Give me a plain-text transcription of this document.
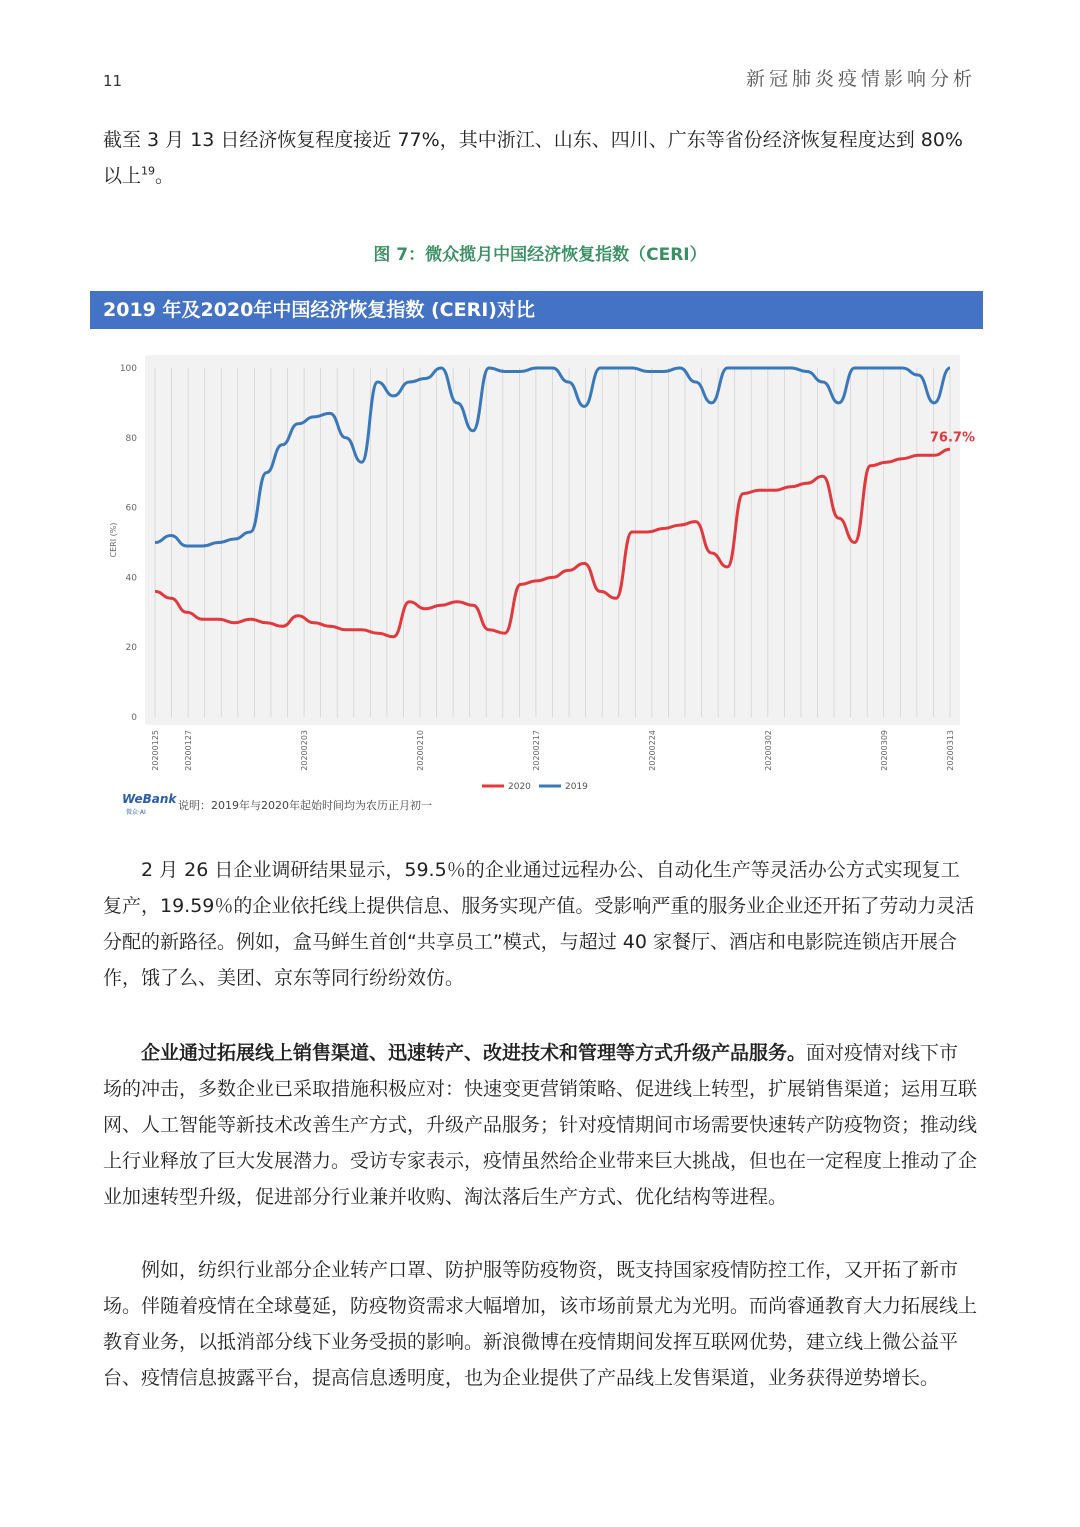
11	新冠肺炎疫情影响分析

截至 3 月 13 日经济恢复程度接近 77%，其中浙江、山东、四川、广东等省份经济恢复程度达到 80%以上$^{19}$。

图 7：微众揽月中国经济恢复指数（CERI）
2019 年及2020年中国经济恢复指数 (CERI)对比
0
20
40
60
80
100
CERI (%)
20200125	20200127	20200203	20200210	20200217	20200224	20200302	20200309	20200313
76.7%
2020	2019
WeBank
微众·AI
说明：2019年与2020年起始时间均为农历正月初一

2 月 26 日企业调研结果显示，59.5％的企业通过远程办公、自动化生产等灵活办公方式实现复工复产，19.59％的企业依托线上提供信息、服务实现产值。受影响严重的服务业企业还开拓了劳动力灵活分配的新路径。例如，盒马鲜生首创“共享员工”模式，与超过 40 家餐厅、酒店和电影院连锁店开展合作，饿了么、美团、京东等同行纷纷效仿。

企业通过拓展线上销售渠道、迅速转产、改进技术和管理等方式升级产品服务。面对疫情对线下市场的冲击，多数企业已采取措施积极应对：快速变更营销策略、促进线上转型，扩展销售渠道；运用互联网、人工智能等新技术改善生产方式，升级产品服务；针对疫情期间市场需要快速转产防疫物资；推动线上行业释放了巨大发展潜力。受访专家表示，疫情虽然给企业带来巨大挑战，但也在一定程度上推动了企业加速转型升级，促进部分行业兼并收购、淘汰落后生产方式、优化结构等进程。

例如，纺织行业部分企业转产口罩、防护服等防疫物资，既支持国家疫情防控工作，又开拓了新市场。伴随着疫情在全球蔓延，防疫物资需求大幅增加，该市场前景尤为光明。而尚睿通教育大力拓展线上教育业务，以抵消部分线下业务受损的影响。新浪微博在疫情期间发挥互联网优势，建立线上微公益平台、疫情信息披露平台，提高信息透明度，也为企业提供了产品线上发售渠道，业务获得逆势增长。
